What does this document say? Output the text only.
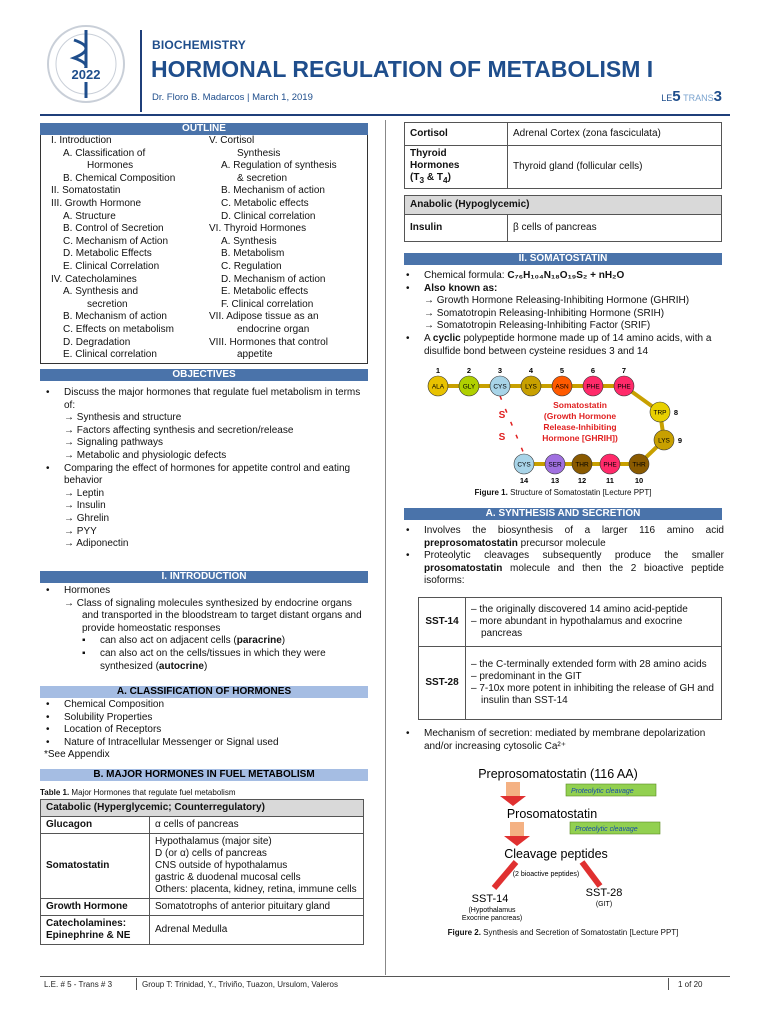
2022
BIOCHEMISTRY
HORMONAL REGULATION OF METABOLISM I
Dr. Floro B. Madarcos | March 1, 2019	LE5 TRANS3
OUTLINE
I. Introduction
A. Classification of
Hormones
B. Chemical Composition
II. Somatostatin
III. Growth Hormone
A. Structure
B. Control of Secretion
C. Mechanism of Action
D. Metabolic Effects
E. Clinical Correlation
IV. Catecholamines
A. Synthesis and
secretion
B. Mechanism of action
C. Effects on metabolism
D. Degradation
E. Clinical correlation
V. Cortisol
Synthesis
A. Regulation of synthesis
& secretion
B. Mechanism of action
C. Metabolic effects
D. Clinical correlation
VI. Thyroid Hormones
A. Synthesis
B. Metabolism
C. Regulation
D. Mechanism of action
E. Metabolic effects
F. Clinical correlation
VII. Adipose tissue as an
endocrine organ
VIII. Hormones that control
appetite
OBJECTIVES
• Discuss the major hormones that regulate fuel metabolism in terms of:
→ Synthesis and structure
→ Factors affecting synthesis and secretion/release
→ Signaling pathways
→ Metabolic and physiologic defects
• Comparing the effect of hormones for appetite control and eating behavior
→ Leptin
→ Insulin
→ Ghrelin
→ PYY
→ Adiponectin
I. INTRODUCTION
• Hormones
→ Class of signaling molecules synthesized by endocrine organs and transported in the bloodstream to target distant organs and provide homeostatic responses
▪ can also act on adjacent cells (paracrine)
▪ can also act on the cells/tissues in which they were synthesized (autocrine)
A. CLASSIFICATION OF HORMONES
• Chemical Composition
• Solubility Properties
• Location of Receptors
• Nature of Intracellular Messenger or Signal used
*See Appendix
B. MAJOR HORMONES IN FUEL METABOLISM
Table 1. Major Hormones that regulate fuel metabolism
Catabolic (Hyperglycemic; Counterregulatory)	
Glucagon	α cells of pancreas

Somatostatin	Hypothalamus (major site)
D (or α) cells of pancreas
CNS outside of hypothalamus
gastric & duodenal mucosal cells
Others: placenta, kidney, retina, immune cells

Growth Hormone	Somatotrophs of anterior pituitary gland

Catecholamines: Epinephrine & NE	Adrenal Medulla
Cortisol	Adrenal Cortex (zona fasciculata)
Thyroid
Hormones
($T_3$ & $T_4$)	Thyroid gland (follicular cells)

Anabolic (Hypoglycemic)	
Insulin	β cells of pancreas
II. SOMATOSTATIN
• Chemical formula: C₇₆H₁₀₄N₁₈O₁₉S₂ + nH₂O
• Also known as:
→ Growth Hormone Releasing-Inhibiting Hormone (GHRIH)
→ Somatotropin Releasing-Inhibiting Hormone (SRIH)
→ Somatotropin Releasing-Inhibiting Factor (SRIF)
• A cyclic polypeptide hormone made up of 14 amino acids, with a disulfide bond between cysteine residues 3 and 14
S
S
ALA
1
GLY
2
CYS
3
LYS
4
ASN
5
PHE
6
PHE
7
TRP 8
LYS 9
CYS
14
SER
13
THR
12
PHE
11
THR
10
Somatostatin
(Growth Hormone
Release-Inhibiting
Hormone [GHRIH])
Figure 1. Structure of Somatostatin [Lecture PPT]
A. SYNTHESIS AND SECRETION
• Involves the biosynthesis of a larger 116 amino acid preprosomatostatin precursor molecule
• Proteolytic cleavages subsequently produce the smaller prosomatostatin molecule and then the 2 bioactive peptide isoforms:
SST-14	– the originally discovered 14 amino acid-peptide
– more abundant in hypothalamus and exocrine pancreas

SST-28	– the C-terminally extended form with 28 amino acids
– predominant in the GIT
– 7-10x more potent in inhibiting the release of GH and insulin than SST-14
• Mechanism of secretion: mediated by membrane depolarization and/or increasing cytosolic Ca²⁺
Preprosomatostatin (116 AA)
Proteolytic cleavage
Prosomatostatin
Proteolytic cleavage
Cleavage peptides
(2 bioactive peptides)
SST-14
(Hypothalamus
Exocrine pancreas)
SST-28
(GIT)
Figure 2. Synthesis and Secretion of Somatostatin [Lecture PPT]
L.E. # 5 - Trans # 3	Group T: Trinidad, Y., Triviño, Tuazon, Ursulom, Valeros	1 of 20
